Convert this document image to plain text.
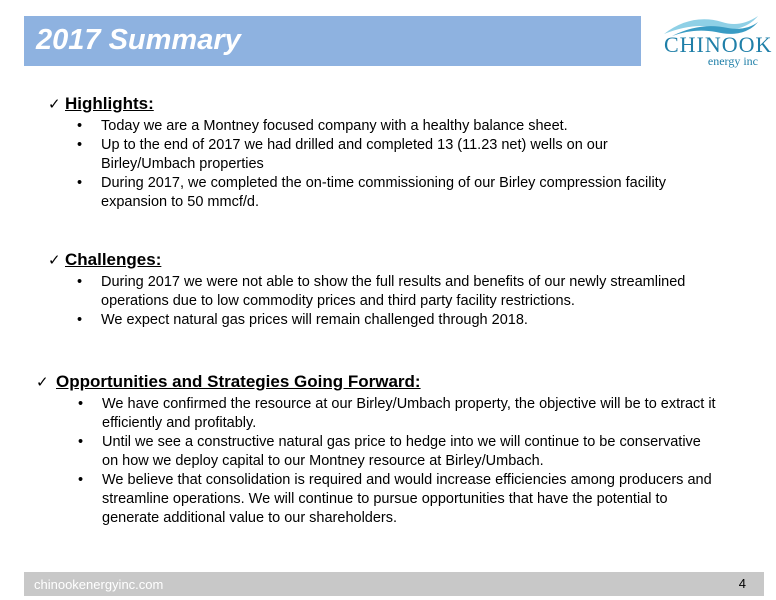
2017 Summary	CHINOOK
energy inc
✓ Highlights:
• Today we are a Montney focused company with a healthy balance sheet.
• Up to the end of 2017 we had drilled and completed 13 (11.23 net) wells on our Birley/Umbach properties
• During 2017, we completed the on-time commissioning of our Birley compression facility expansion to 50 mmcf/d.
✓ Challenges:
• During 2017 we were not able to show the full results and benefits of our newly streamlined operations due to low commodity prices and third party facility restrictions.
• We expect natural gas prices will remain challenged through 2018.
✓ Opportunities and Strategies Going Forward:
• We have confirmed the resource at our Birley/Umbach property, the objective will be to extract it efficiently and profitably.
• Until we see a constructive natural gas price to hedge into we will continue to be conservative on how we deploy capital to our Montney resource at Birley/Umbach.
• We believe that consolidation is required and would increase efficiencies among producers and streamline operations. We will continue to pursue opportunities that have the potential to generate additional value to our shareholders.
chinookenergyinc.com	4
